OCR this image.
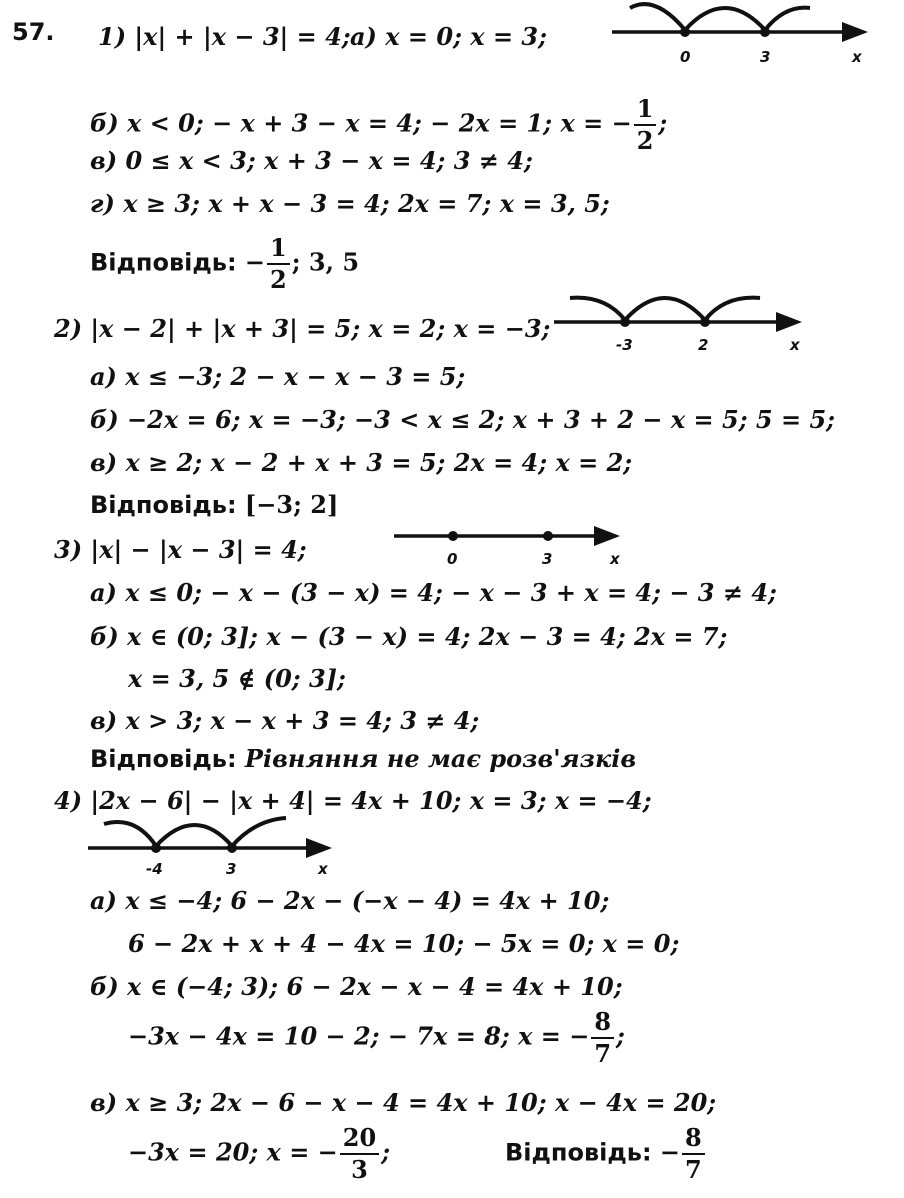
57. 1) |x| + |x − 3| = 4; а) x = 0; x = 3;
0	3	x
б) x < 0; − x + 3 − x = 4; − 2x = 1; x = − $\frac{1}{2}$ ;
в) 0 ≤ x < 3; x + 3 − x = 4; 3 ≠ 4;
г) x ≥ 3; x + x − 3 = 4; 2x = 7; x = 3, 5;
Відповідь: − $\frac{1}{2}$ ; 3, 5
2) |x − 2| + |x + 3| = 5; x = 2; x = −3;
-3	2	x
а) x ≤ −3; 2 − x − x − 3 = 5;
б) −2x = 6; x = −3; −3 < x ≤ 2; x + 3 + 2 − x = 5; 5 = 5;
в) x ≥ 2; x − 2 + x + 3 = 5; 2x = 4; x = 2;
Відповідь: [−3; 2]
3) |x| − |x − 3| = 4;	0	3	x
а) x ≤ 0; − x − (3 − x) = 4; − x − 3 + x = 4; − 3 ≠ 4;
б) x ∈ (0; 3]; x − (3 − x) = 4; 2x − 3 = 4; 2x = 7;
x = 3, 5 ∉ (0; 3];
в) x > 3; x − x + 3 = 4; 3 ≠ 4;
Відповідь: Рівняння не має розв'язків
4) |2x − 6| − |x + 4| = 4x + 10; x = 3; x = −4;
-4	3	x
а) x ≤ −4; 6 − 2x − (−x − 4) = 4x + 10;
6 − 2x + x + 4 − 4x = 10; − 5x = 0; x = 0;
б) x ∈ (−4; 3); 6 − 2x − x − 4 = 4x + 10;
−3x − 4x = 10 − 2; − 7x = 8; x = − $\frac{8}{7}$ ;
в) x ≥ 3; 2x − 6 − x − 4 = 4x + 10; x − 4x = 20;
−3x = 20; x = − $\frac{20}{3}$ ;	Відповідь: − $\frac{8}{7}$
